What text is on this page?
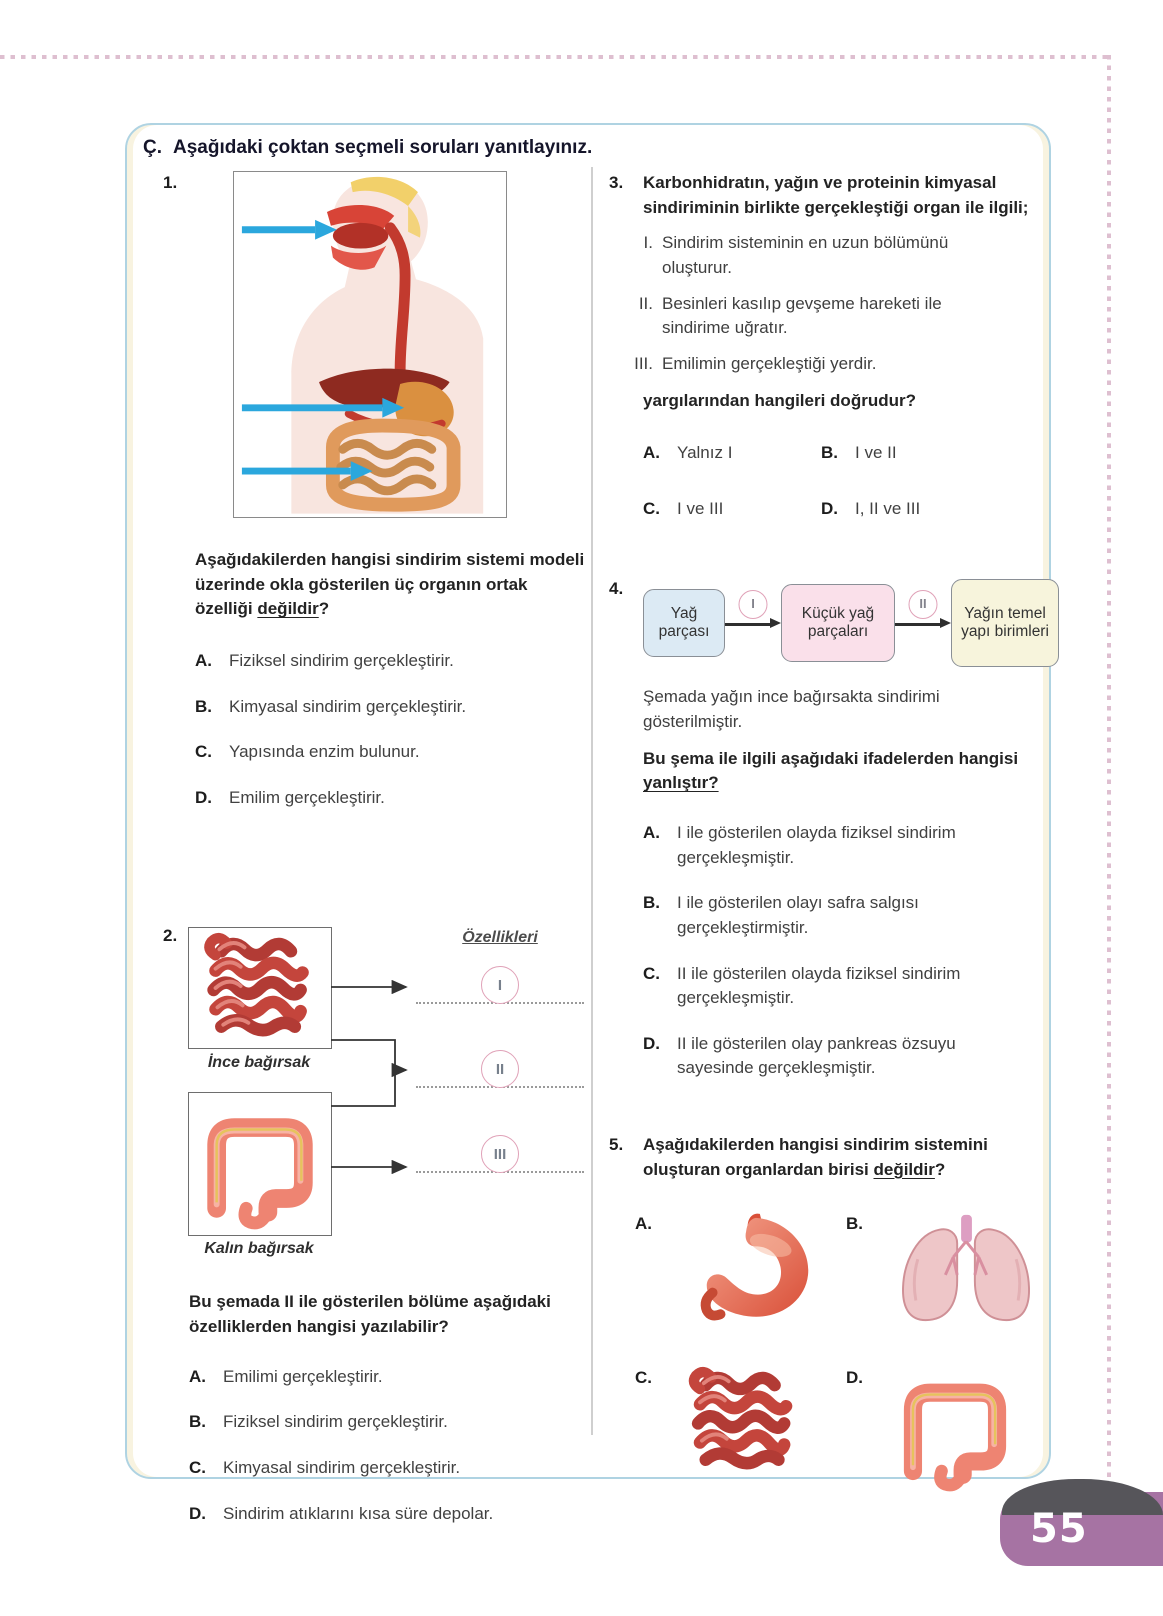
Ç. Aşağıdaki çoktan seçmeli soruları yanıtlayınız.
1.

Aşağıdakilerden hangisi sindirim sistemi modeli üzerinde okla gösterilen üç organın ortak özelliği değildir?

A.	Fiziksel sindirim gerçekleştirir.
B.	Kimyasal sindirim gerçekleştirir.
C.	Yapısında enzim bulunur.
D.	Emilim gerçekleştirir.
2.
İnce bağırsak
Kalın bağırsak
Özellikleri
I
II
III

Bu şemada II ile gösterilen bölüme aşağıdaki özelliklerden hangisi yazılabilir?

A.	Emilimi gerçekleştirir.
B.	Fiziksel sindirim gerçekleştirir.
C.	Kimyasal sindirim gerçekleştirir.
D.	Sindirim atıklarını kısa süre depolar.
3.	Karbonhidratın, yağın ve proteinin kimyasal sindiriminin birlikte gerçekleştiği organ ile ilgili;

I. Sindirim sisteminin en uzun bölümünü oluşturur.
II. Besinleri kasılıp gevşeme hareketi ile sindirime uğratır.
III. Emilimin gerçekleştiği yerdir.

yargılarından hangileri doğrudur?

A.	Yalnız I	B.	I ve II
C.	I ve III	D.	I, II ve III
4.
Yağ parçası
I
Küçük yağ parçaları
II
Yağın temel yapı birimleri

Şemada yağın ince bağırsakta sindirimi gösterilmiştir.

Bu şema ile ilgili aşağıdaki ifadelerden hangisi yanlıştır?

A.	I ile gösterilen olayda fiziksel sindirim gerçekleşmiştir.
B.	I ile gösterilen olayı safra salgısı gerçekleştirmiştir.
C.	II ile gösterilen olayda fiziksel sindirim gerçekleşmiştir.
D.	II ile gösterilen olay pankreas özsuyu sayesinde gerçekleşmiştir.
5.	Aşağıdakilerden hangisi sindirim sistemini oluşturan organlardan birisi değildir?

A.	B.
C.	D.
55
